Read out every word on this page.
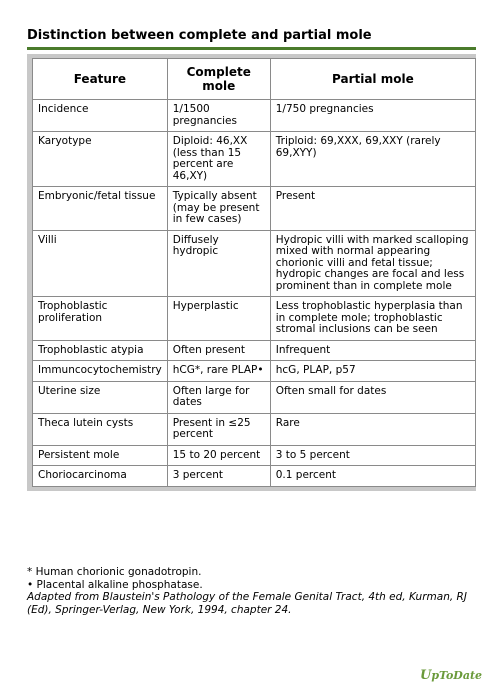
Distinction between complete and partial mole
Feature	Complete mole	Partial mole
Incidence	1/1500 pregnancies	1/750 pregnancies
Karyotype	Diploid: 46,XX (less than 15 percent are 46,XY)	Triploid: 69,XXX, 69,XXY (rarely 69,XYY)
Embryonic/fetal tissue	Typically absent (may be present in few cases)	Present
Villi	Diffusely hydropic	Hydropic villi with marked scalloping mixed with normal appearing chorionic villi and fetal tissue; hydropic changes are focal and less prominent than in complete mole
Trophoblastic proliferation	Hyperplastic	Less trophoblastic hyperplasia than in complete mole; trophoblastic stromal inclusions can be seen
Trophoblastic atypia	Often present	Infrequent
Immuncocytochemistry	hCG*, rare PLAP•	hcG, PLAP, p57
Uterine size	Often large for dates	Often small for dates
Theca lutein cysts	Present in ≤25 percent	Rare
Persistent mole	15 to 20 percent	3 to 5 percent
Choriocarcinoma	3 percent	0.1 percent
* Human chorionic gonadotropin.
• Placental alkaline phosphatase.
Adapted from Blaustein's Pathology of the Female Genital Tract, 4th ed, Kurman, RJ (Ed), Springer-Verlag, New York, 1994, chapter 24.
UpToDate
